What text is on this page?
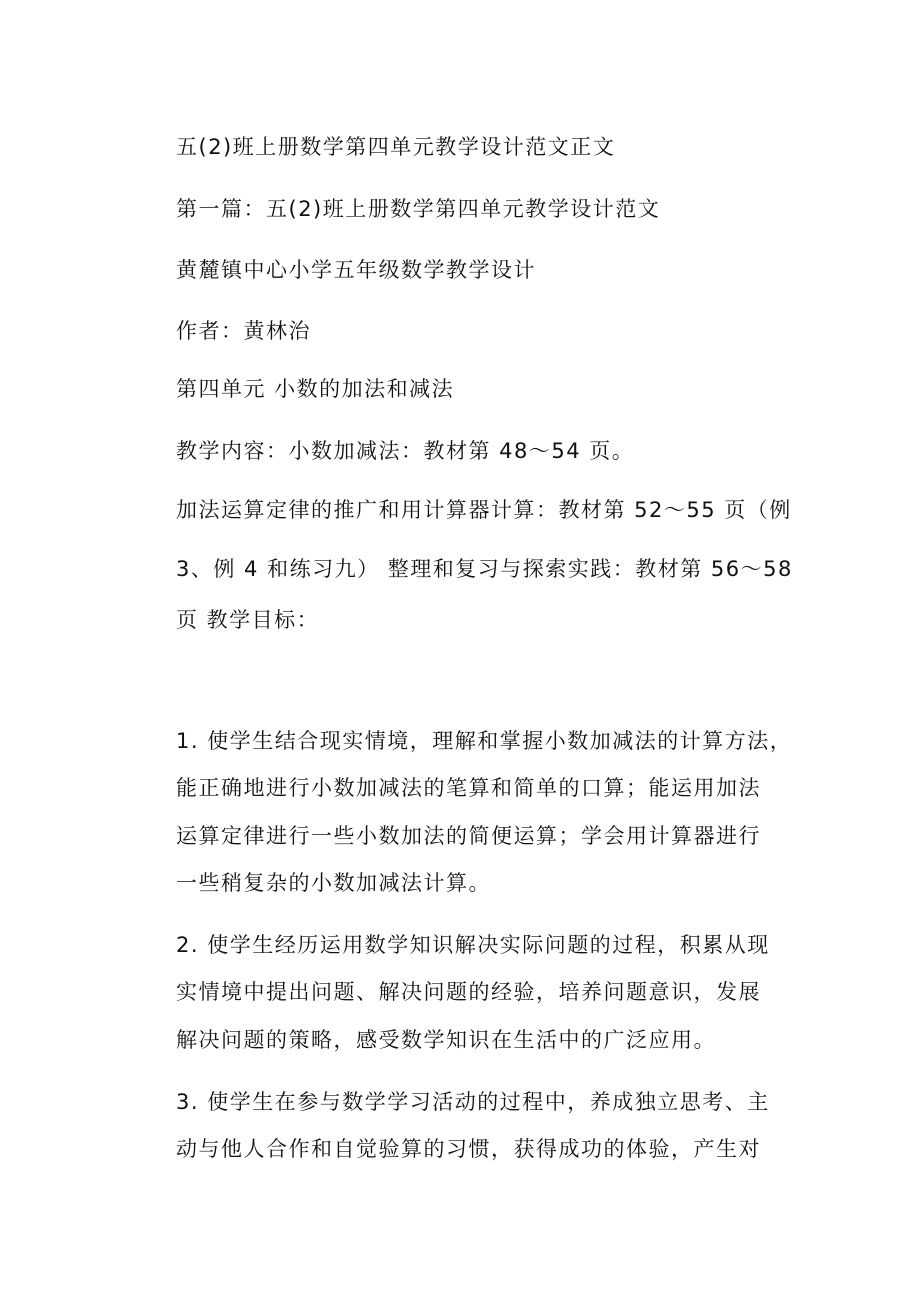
五(2)班上册数学第四单元教学设计范文正文
第一篇：五(2)班上册数学第四单元教学设计范文
黄麓镇中心小学五年级数学教学设计
作者：黄林治
第四单元 小数的加法和减法
教学内容：小数加减法：教材第 48～54 页。
加法运算定律的推广和用计算器计算：教材第 52～55 页（例
3、例 4 和练习九） 整理和复习与探索实践：教材第 56～58
页 教学目标：
1. 使学生结合现实情境，理解和掌握小数加减法的计算方法，
能正确地进行小数加减法的笔算和简单的口算；能运用加法
运算定律进行一些小数加法的简便运算；学会用计算器进行
一些稍复杂的小数加减法计算。
2. 使学生经历运用数学知识解决实际问题的过程，积累从现
实情境中提出问题、解决问题的经验，培养问题意识，发展
解决问题的策略，感受数学知识在生活中的广泛应用。
3. 使学生在参与数学学习活动的过程中，养成独立思考、主
动与他人合作和自觉验算的习惯，获得成功的体验，产生对
